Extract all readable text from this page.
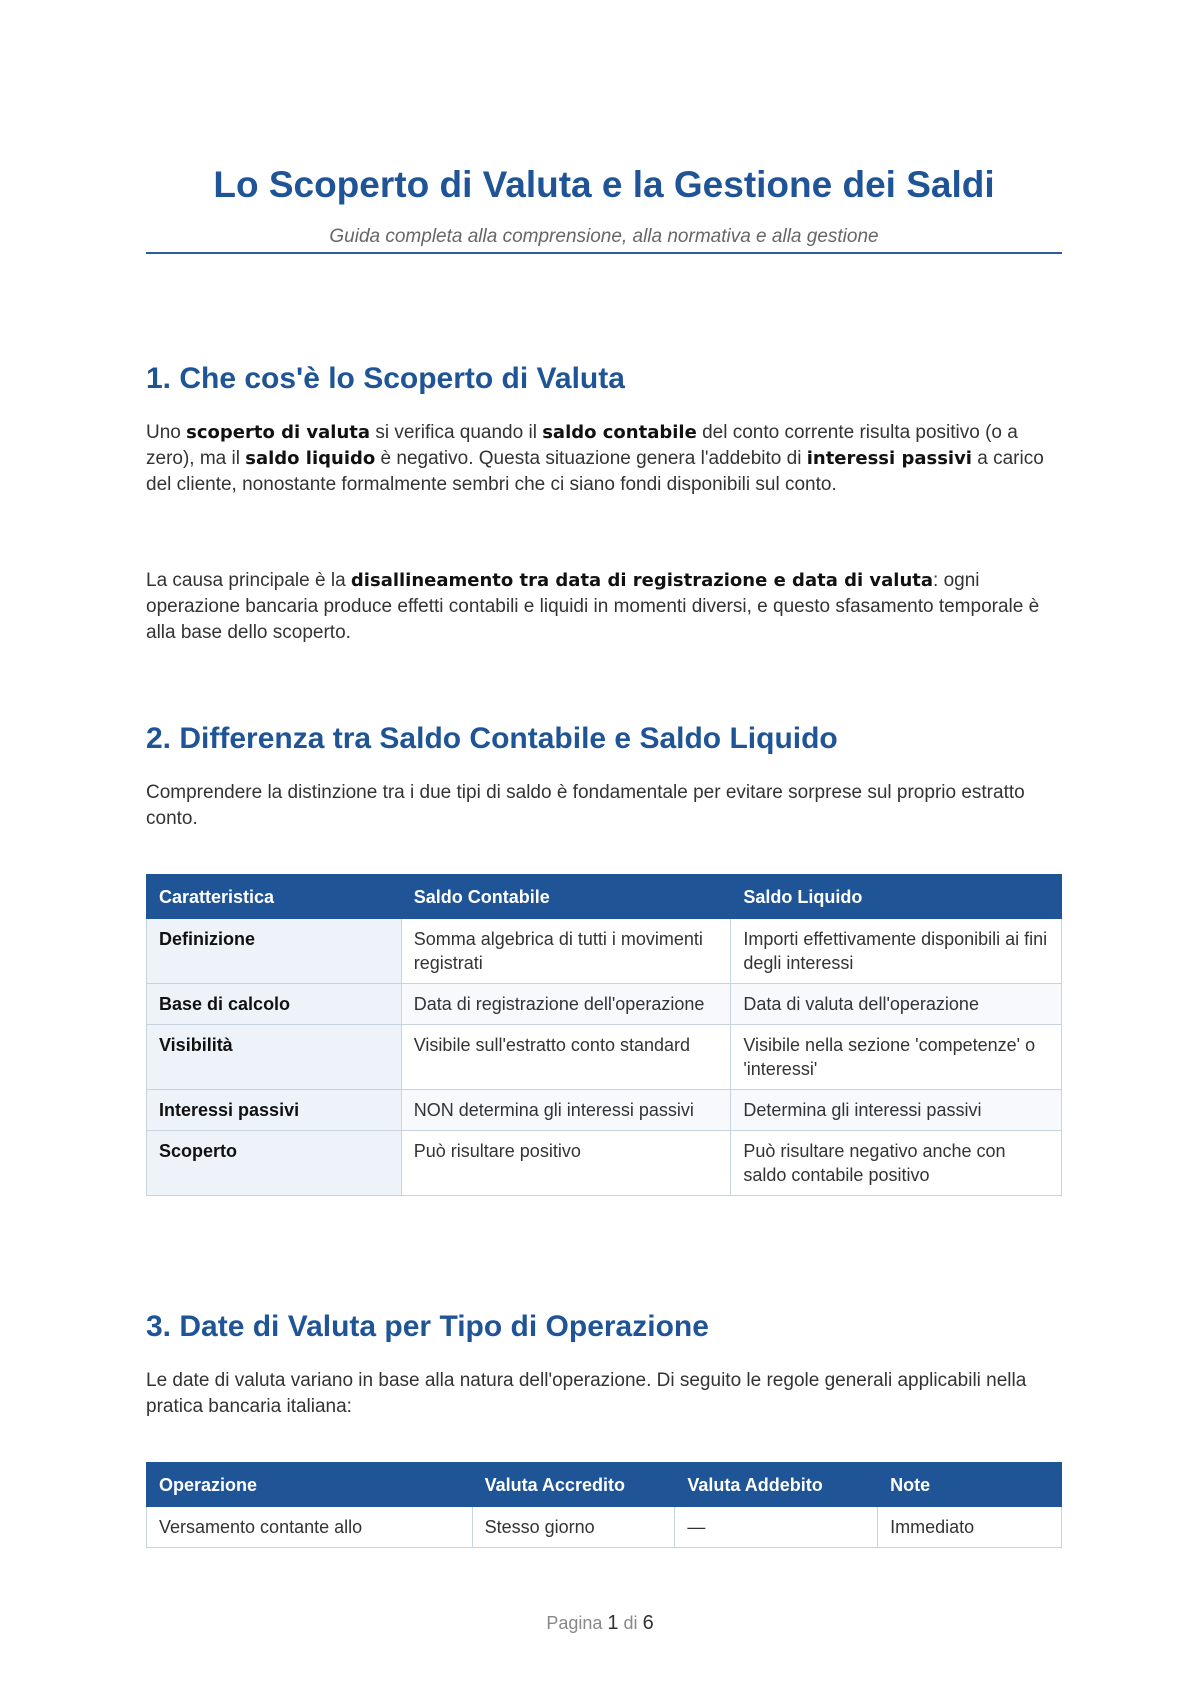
Lo Scoperto di Valuta e la Gestione dei Saldi

Guida completa alla comprensione, alla normativa e alla gestione

1. Che cos'è lo Scoperto di Valuta

Uno scoperto di valuta si verifica quando il saldo contabile del conto corrente risulta positivo (o a zero), ma il saldo liquido è negativo. Questa situazione genera l'addebito di interessi passivi a carico del cliente, nonostante formalmente sembri che ci siano fondi disponibili sul conto.

La causa principale è la disallineamento tra data di registrazione e data di valuta: ogni operazione bancaria produce effetti contabili e liquidi in momenti diversi, e questo sfasamento temporale è alla base dello scoperto.

2. Differenza tra Saldo Contabile e Saldo Liquido

Comprendere la distinzione tra i due tipi di saldo è fondamentale per evitare sorprese sul proprio estratto conto.

Caratteristica	Saldo Contabile	Saldo Liquido
Definizione	Somma algebrica di tutti i movimenti registrati	Importi effettivamente disponibili ai fini degli interessi
Base di calcolo	Data di registrazione dell'operazione	Data di valuta dell'operazione
Visibilità	Visibile sull'estratto conto standard	Visibile nella sezione 'competenze' o 'interessi'
Interessi passivi	NON determina gli interessi passivi	Determina gli interessi passivi
Scoperto	Può risultare positivo	Può risultare negativo anche con saldo contabile positivo
3. Date di Valuta per Tipo di Operazione

Le date di valuta variano in base alla natura dell'operazione. Di seguito le regole generali applicabili nella pratica bancaria italiana:

Operazione	Valuta Accredito	Valuta Addebito	Note
Versamento contante allo	Stesso giorno	—	Immediato
Pagina 1 di 6
